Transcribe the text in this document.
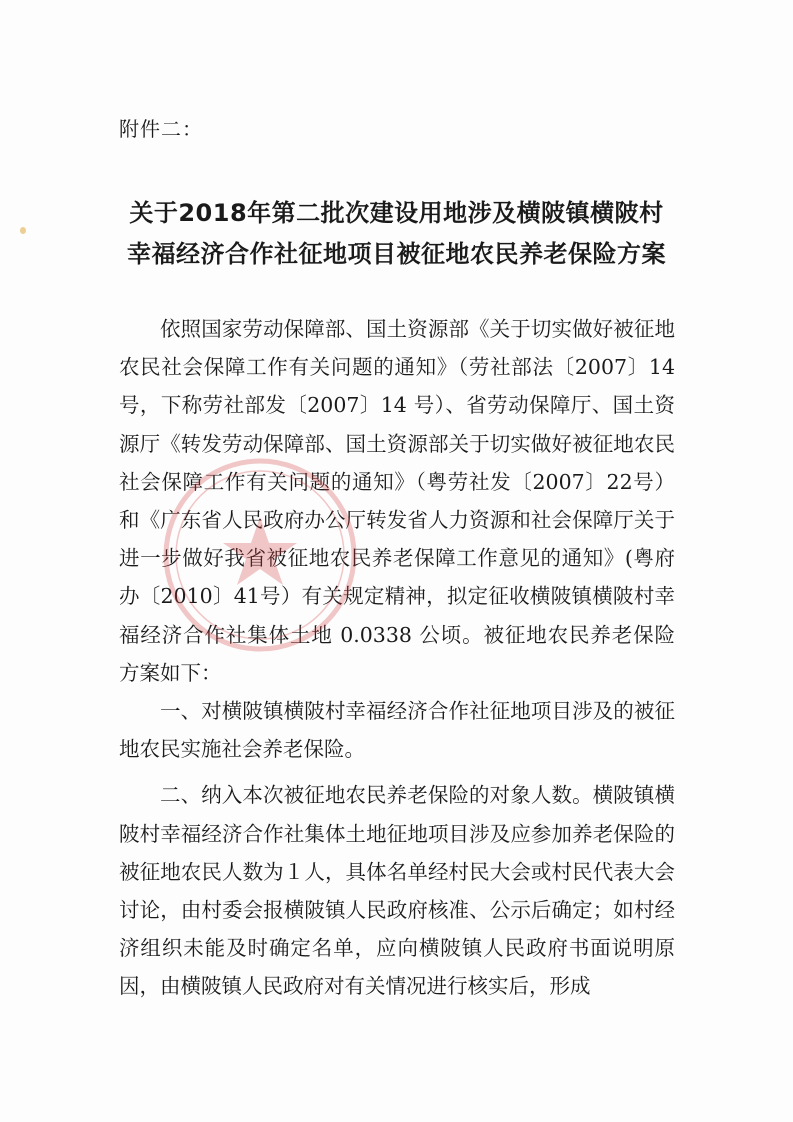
附件二：
关于2018年第二批次建设用地涉及横陂镇横陂村
幸福经济合作社征地项目被征地农民养老保险方案

依照国家劳动保障部、国土资源部《关于切实做好被征地农民社会保障工作有关问题的通知》（劳社部法〔2007〕14号，下称劳社部发〔2007〕14 号）、省劳动保障厅、国土资源厅《转发劳动保障部、国土资源部关于切实做好被征地农民社会保障工作有关问题的通知》（粤劳社发〔2007〕22号）和《广东省人民政府办公厅转发省人力资源和社会保障厅关于进一步做好我省被征地农民养老保障工作意见的通知》(粤府办〔2010〕41号）有关规定精神，拟定征收横陂镇横陂村幸福经济合作社集体土地 0.0338 公顷。被征地农民养老保险方案如下：

一、对横陂镇横陂村幸福经济合作社征地项目涉及的被征地农民实施社会养老保险。

二、纳入本次被征地农民养老保险的对象人数。横陂镇横陂村幸福经济合作社集体土地征地项目涉及应参加养老保险的被征地农民人数为１人，具体名单经村民大会或村民代表大会讨论，由村委会报横陂镇人民政府核准、公示后确定；如村经济组织未能及时确定名单，应向横陂镇人民政府书面说明原因，由横陂镇人民政府对有关情况进行核实后，形成
